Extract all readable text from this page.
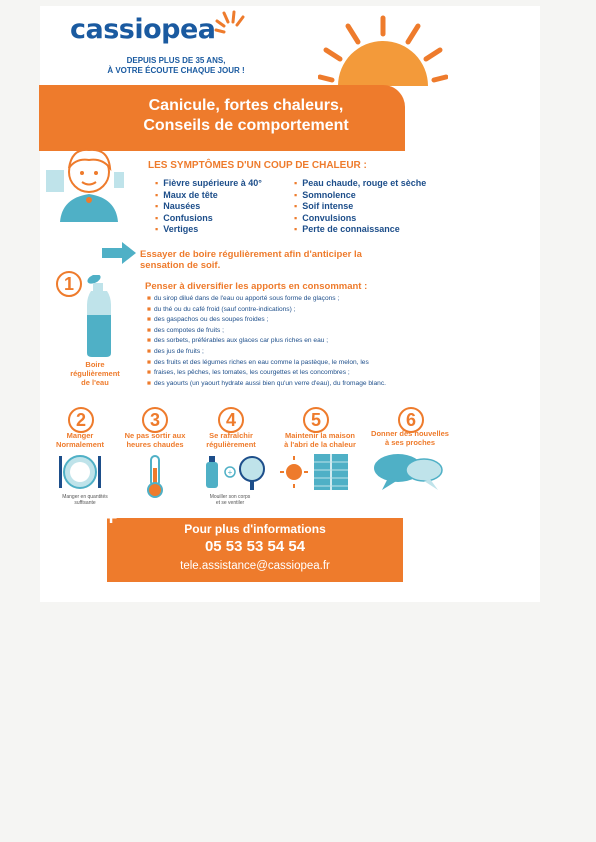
cassiopea
DEPUIS PLUS DE 35 ANS,
À VOTRE ÉCOUTE CHAQUE JOUR !
Canicule, fortes chaleurs,
Conseils de comportement
LES SYMPTÔMES D'UN COUP DE CHALEUR :
▪ Fièvre supérieure à 40°
▪ Maux de tête
▪ Nausées
▪ Confusions
▪ Vertiges
▪ Peau chaude, rouge et sèche
▪ Somnolence
▪ Soif intense
▪ Convulsions
▪ Perte de connaissance
Essayer de boire régulièrement afin d'anticiper la
sensation de soif.
1
Boire
régulièrement
de l'eau
Penser à diversifier les apports en consommant :
■ du sirop dilué dans de l'eau ou apporté sous forme de glaçons ;
■ du thé ou du café froid (sauf contre-indications) ;
■ des gaspachos ou des soupes froides ;
■ des compotes de fruits ;
■ des sorbets, préférables aux glaces car plus riches en eau ;
■ des jus de fruits ;
■ des fruits et des légumes riches en eau comme la pastèque, le melon, les
■ fraises, les pêches, les tomates, les courgettes et les concombres ;
■ des yaourts (un yaourt hydrate aussi bien qu'un verre d'eau), du fromage blanc.
2
Manger
Normalement
Manger en quantités
suffisante
3
Ne pas sortir aux
heures chaudes
4
Se rafraîchir
régulièrement
+
Mouiller son corps
et se ventiler
5
Maintenir la maison
à l'abri de la chaleur
6
Donner des nouvelles
à ses proches
+	Pour plus d'informations
05 53 53 54 54
tele.assistance@cassiopea.fr
